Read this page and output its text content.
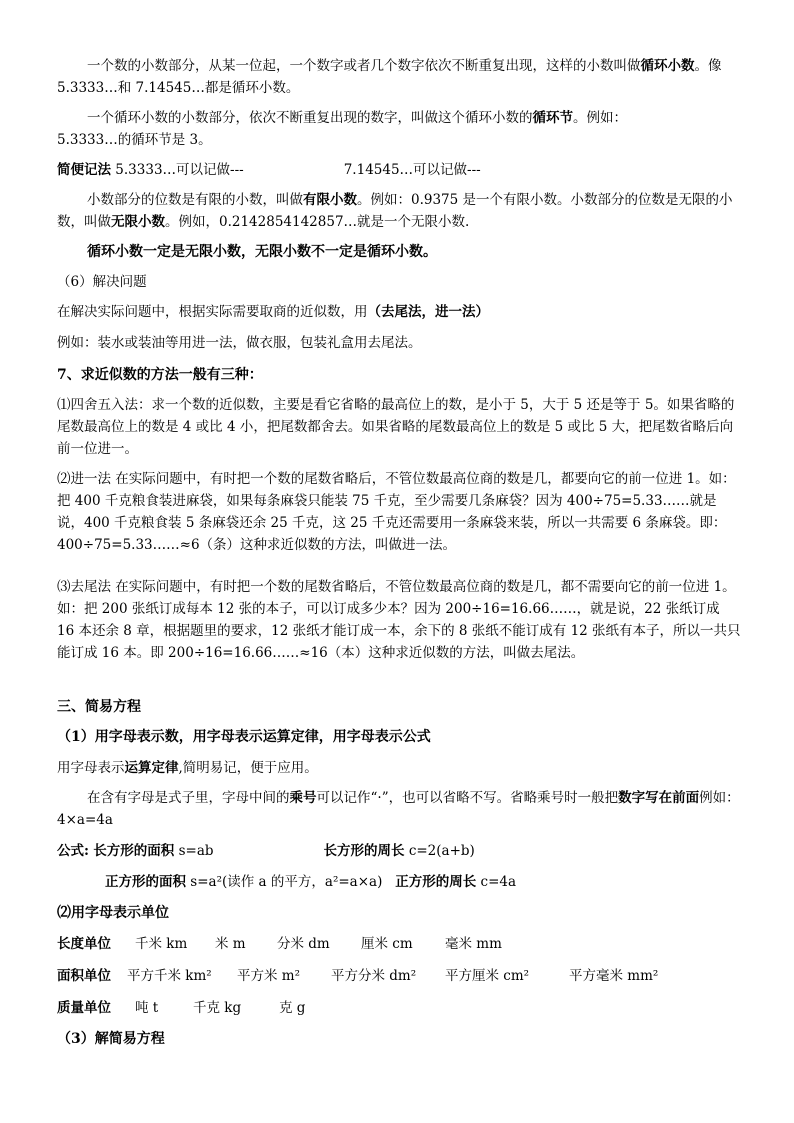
一个数的小数部分，从某一位起，一个数字或者几个数字依次不断重复出现，这样的小数叫做循环小数。像 5.3333…和 7.14545…都是循环小数。

一个循环小数的小数部分，依次不断重复出现的数字，叫做这个循环小数的循环节。例如：

5.3333…的循环节是 3。

简便记法 5.3333…可以记做---	7.14545…可以记做---

小数部分的位数是有限的小数，叫做有限小数。例如：0.9375 是一个有限小数。小数部分的位数是无限的小数，叫做无限小数。例如，0.2142854142857…就是一个无限小数.

循环小数一定是无限小数，无限小数不一定是循环小数。

（6）解决问题

在解决实际问题中，根据实际需要取商的近似数，用（去尾法，进一法）

例如：装水或装油等用进一法，做衣服，包装礼盒用去尾法。

7、求近似数的方法一般有三种：

⑴四舍五入法：求一个数的近似数，主要是看它省略的最高位上的数，是小于 5，大于 5 还是等于 5。如果省略的尾数最高位上的数是 4 或比 4 小，把尾数都舍去。如果省略的尾数最高位上的数是 5 或比 5 大，把尾数省略后向前一位进一。

⑵进一法 在实际问题中，有时把一个数的尾数省略后，不管位数最高位商的数是几，都要向它的前一位进 1。如：把 400 千克粮食装进麻袋，如果每条麻袋只能装 75 千克，至少需要几条麻袋？因为 400÷75=5.33……就是说，400 千克粮食装 5 条麻袋还余 25 千克，这 25 千克还需要用一条麻袋来装，所以一共需要 6 条麻袋。即：400÷75=5.33……≈6（条）这种求近似数的方法，叫做进一法。

⑶去尾法 在实际问题中，有时把一个数的尾数省略后，不管位数最高位商的数是几，都不需要向它的前一位进 1。如：把 200 张纸订成每本 12 张的本子，可以订成多少本？因为 200÷16=16.66……，就是说，22 张纸订成 16 本还余 8 章，根据题里的要求，12 张纸才能订成一本，余下的 8 张纸不能订成有 12 张纸有本子，所以一共只能订成 16 本。即 200÷16=16.66……≈16（本）这种求近似数的方法，叫做去尾法。

三、简易方程

（1）用字母表示数，用字母表示运算定律，用字母表示公式

用字母表示运算定律,简明易记，便于应用。

在含有字母是式子里，字母中间的乘号可以记作“·”，也可以省略不写。省略乘号时一般把数字写在前面例如：4×a=4a

公式: 长方形的面积 s=ab	长方形的周长 c=2(a+b)

正方形的面积 s=a²(读作 a 的平方，a²=a×a) 正方形的周长 c=4a

⑵用字母表示单位

长度单位 千米 km 米 m 分米 dm 厘米 cm 毫米 mm

面积单位 平方千米 km² 平方米 m² 平方分米 dm² 平方厘米 cm²	平方毫米 mm²

质量单位 吨 t	千克 kg	克 g

（3）解简易方程
